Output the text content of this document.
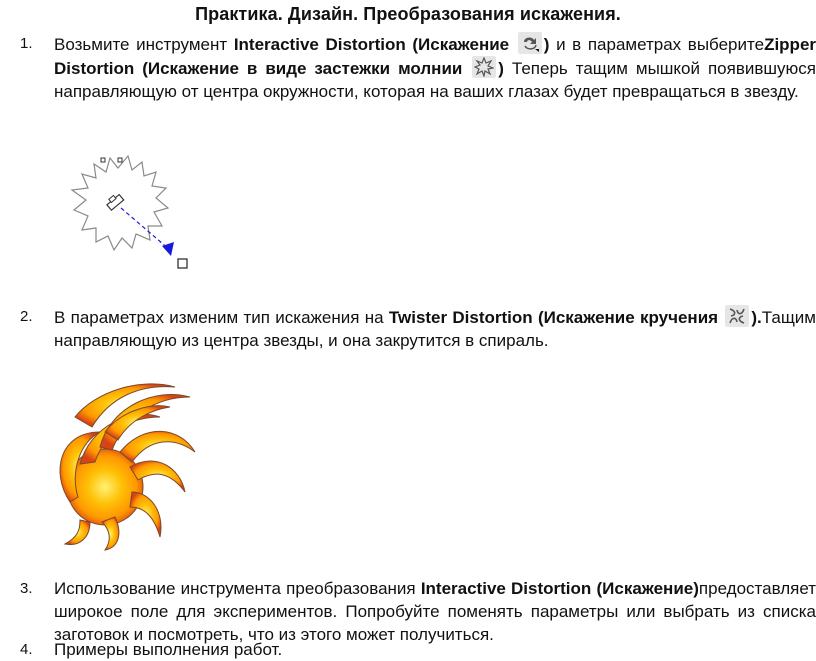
Практика. Дизайн. Преобразования искажения.
1.	Возьмите инструмент Interactive Distortion (Искажение
) и в параметрах выберитеZipper Distortion (Искажение в виде застежки молнии
) Теперь тащим мышкой появившуюся направляющую от центра окружности, которая на ваших глазах будет превращаться в звезду.
2.	В параметрах изменим тип искажения на Twister Distortion (Искажение кручения
).Тащим направляющую из центра звезды, и она закрутится в спираль.
3.	Использование инструмента преобразования Interactive Distortion (Искажение)предоставляет широкое поле для экспериментов. Попробуйте поменять параметры или выбрать из списка заготовок и посмотреть, что из этого может получиться.
4.	Примеры выполнения работ.
